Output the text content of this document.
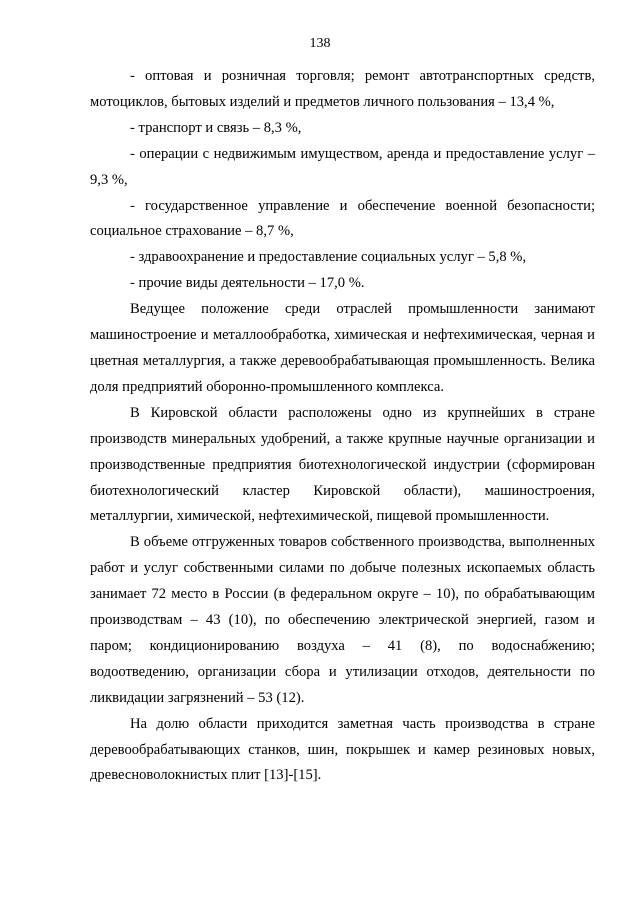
138

- оптовая и розничная торговля; ремонт автотранспортных средств, мотоциклов, бытовых изделий и предметов личного пользования – 13,4 %,

- транспорт и связь – 8,3 %,

- операции с недвижимым имуществом, аренда и предоставление услуг – 9,3 %,

- государственное управление и обеспечение военной безопасности; социальное страхование – 8,7 %,

- здравоохранение и предоставление социальных услуг – 5,8 %,

- прочие виды деятельности – 17,0 %.

Ведущее положение среди отраслей промышленности занимают машиностроение и металлообработка, химическая и нефтехимическая, черная и цветная металлургия, а также деревообрабатывающая промышленность. Велика доля предприятий оборонно-промышленного комплекса.

В Кировской области расположены одно из крупнейших в стране производств минеральных удобрений, а также крупные научные организации и производственные предприятия биотехнологической индустрии (сформирован биотехнологический кластер Кировской области), машиностроения, металлургии, химической, нефтехимической, пищевой промышленности.

В объеме отгруженных товаров собственного производства, выполненных работ и услуг собственными силами по добыче полезных ископаемых область занимает 72 место в России (в федеральном округе – 10), по обрабатывающим производствам – 43 (10), по обеспечению электрической энергией, газом и паром; кондиционированию воздуха – 41 (8), по водоснабжению; водоотведению, организации сбора и утилизации отходов, деятельности по ликвидации загрязнений – 53 (12).

На долю области приходится заметная часть производства в стране деревообрабатывающих станков, шин, покрышек и камер резиновых новых, древесноволокнистых плит [13]-[15].
